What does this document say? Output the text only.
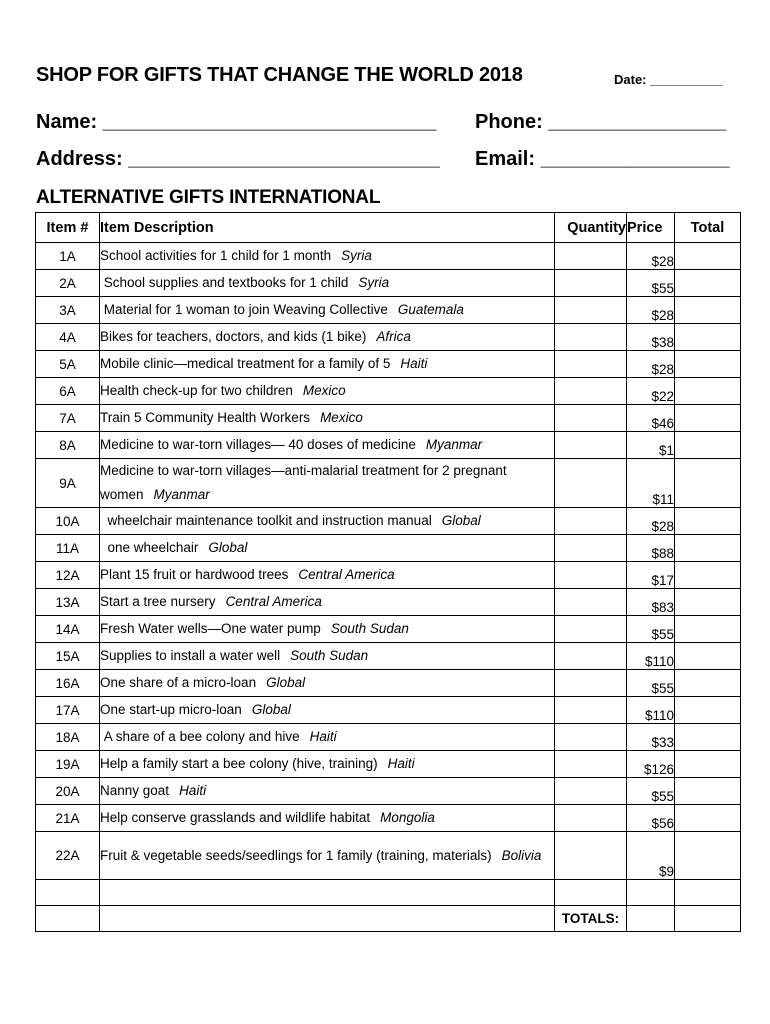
SHOP FOR GIFTS THAT CHANGE THE WORLD 2018	Date: __________
Name: ______________________________ Phone: ________________
Address: ____________________________ Email: _________________
ALTERNATIVE GIFTS INTERNATIONAL
Item #	Item Description	Quantity	Price	Total
1A	School activities for 1 child for 1 month Syria		$28	
2A	School supplies and textbooks for 1 child Syria		$55	
3A	Material for 1 woman to join Weaving Collective Guatemala		$28	
4A	Bikes for teachers, doctors, and kids (1 bike) Africa		$38	
5A	Mobile clinic—medical treatment for a family of 5 Haiti		$28	
6A	Health check-up for two children Mexico		$22	
7A	Train 5 Community Health Workers Mexico		$46	
8A	Medicine to war-torn villages— 40 doses of medicine Myanmar		$1	
9A	Medicine to war-torn villages—anti-malarial treatment for 2 pregnant women Myanmar		$11	
10A	wheelchair maintenance toolkit and instruction manual Global		$28	
11A	one wheelchair Global		$88	
12A	Plant 15 fruit or hardwood trees Central America		$17	
13A	Start a tree nursery Central America		$83	
14A	Fresh Water wells—One water pump South Sudan		$55	
15A	Supplies to install a water well South Sudan		$110	
16A	One share of a micro-loan Global		$55	
17A	One start-up micro-loan Global		$110	
18A	A share of a bee colony and hive Haiti		$33	
19A	Help a family start a bee colony (hive, training) Haiti		$126	
20A	Nanny goat Haiti		$55	
21A	Help conserve grasslands and wildlife habitat Mongolia		$56	
22A	Fruit & vegetable seeds/seedlings for 1 family (training, materials) Bolivia		$9	

		TOTALS:		
